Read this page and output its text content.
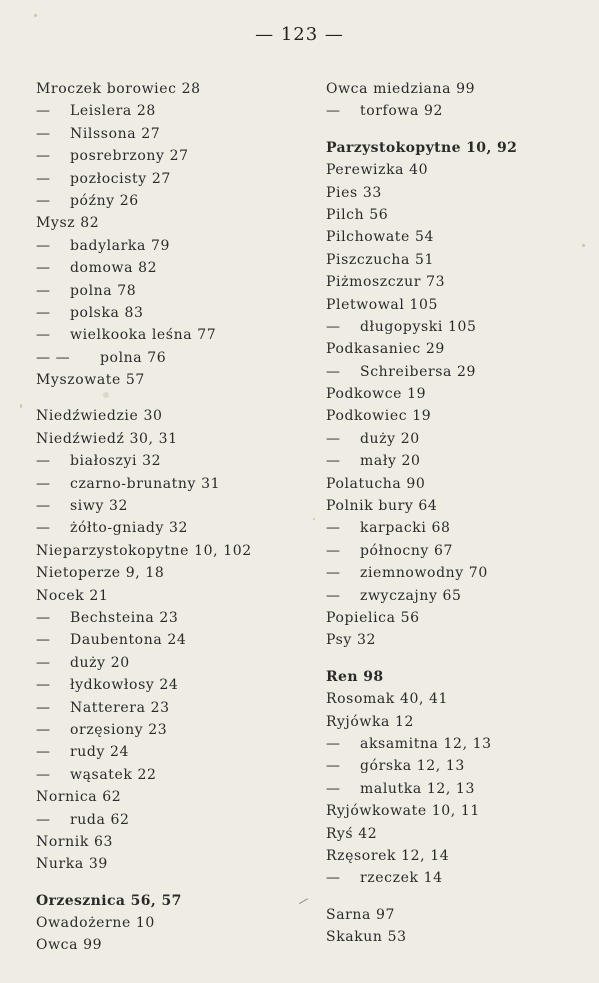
— 123 —
Mroczek borowiec 28
— Leislera 28
— Nilssona 27
— posrebrzony 27
— pozłocisty 27
— późny 26
Mysz 82
— badylarka 79
— domowa 82
— polna 78
— polska 83
— wielkooka leśna 77
— — polna 76
Myszowate 57
Niedźwiedzie 30
Niedźwiedź 30, 31
— białoszyi 32
— czarno-brunatny 31
— siwy 32
— żółto-gniady 32
Nieparzystokopytne 10, 102
Nietoperze 9, 18
Nocek 21
— Bechsteina 23
— Daubentona 24
— duży 20
— łydkowłosy 24
— Natterera 23
— orzęsiony 23
— rudy 24
— wąsatek 22
Nornica 62
— ruda 62
Nornik 63
Nurka 39
Orzesznica 56, 57
Owadożerne 10
Owca 99
Owca miedziana 99
— torfowa 92
Parzystokopytne 10, 92
Perewizka 40
Pies 33
Pilch 56
Pilchowate 54
Piszczucha 51
Piżmoszczur 73
Pletwowal 105
— długopyski 105
Podkasaniec 29
— Schreibersa 29
Podkowce 19
Podkowiec 19
— duży 20
— mały 20
Polatucha 90
Polnik bury 64
— karpacki 68
— północny 67
— ziemnowodny 70
— zwyczajny 65
Popielica 56
Psy 32
Ren 98
Rosomak 40, 41
Ryjówka 12
— aksamitna 12, 13
— górska 12, 13
— malutka 12, 13
Ryjówkowate 10, 11
Ryś 42
Rzęsorek 12, 14
— rzeczek 14
Sarna 97
Skakun 53
